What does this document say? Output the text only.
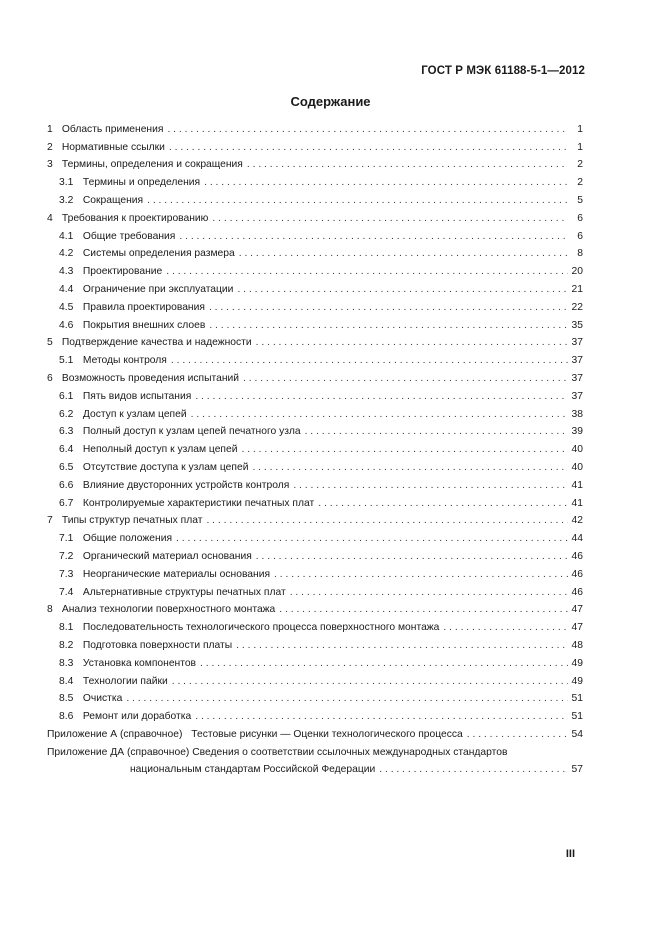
ГОСТ Р МЭК 61188-5-1—2012
Содержание
1 Область применения . . .	1
2 Нормативные ссылки . . .	1
3 Термины, определения и сокращения . . .	2
3.1 Термины и определения . . .	2
3.2 Сокращения . . .	5
4 Требования к проектированию . . .	6
4.1 Общие требования . . .	6
4.2 Системы определения размера . . .	8
4.3 Проектирование . . .	20
4.4 Ограничение при эксплуатации . . .	21
4.5 Правила проектирования . . .	22
4.6 Покрытия внешних слоев . . .	35
5 Подтверждение качества и надежности . . .	37
5.1 Методы контроля . . .	37
6 Возможность проведения испытаний . . .	37
6.1 Пять видов испытания . . .	37
6.2 Доступ к узлам цепей . . .	38
6.3 Полный доступ к узлам цепей печатного узла . . .	39
6.4 Неполный доступ к узлам цепей . . .	40
6.5 Отсутствие доступа к узлам цепей . . .	40
6.6 Влияние двусторонних устройств контроля . . .	41
6.7 Контролируемые характеристики печатных плат . . .	41
7 Типы структур печатных плат . . .	42
7.1 Общие положения . . .	44
7.2 Органический материал основания . . .	46
7.3 Неорганические материалы основания . . .	46
7.4 Альтернативные структуры печатных плат . . .	46
8 Анализ технологии поверхностного монтажа . . .	47
8.1 Последовательность технологического процесса поверхностного монтажа . . .	47
8.2 Подготовка поверхности платы . . .	48
8.3 Установка компонентов . . .	49
8.4 Технологии пайки . . .	49
8.5 Очистка . . .	51
8.6 Ремонт или доработка . . .	51
Приложение А (справочное) Тестовые рисунки — Оценки технологического процесса . . .	54
Приложение ДА (справочное) Сведения о соответствии ссылочных международных стандартов
национальным стандартам Российской Федерации . . .	57
III
